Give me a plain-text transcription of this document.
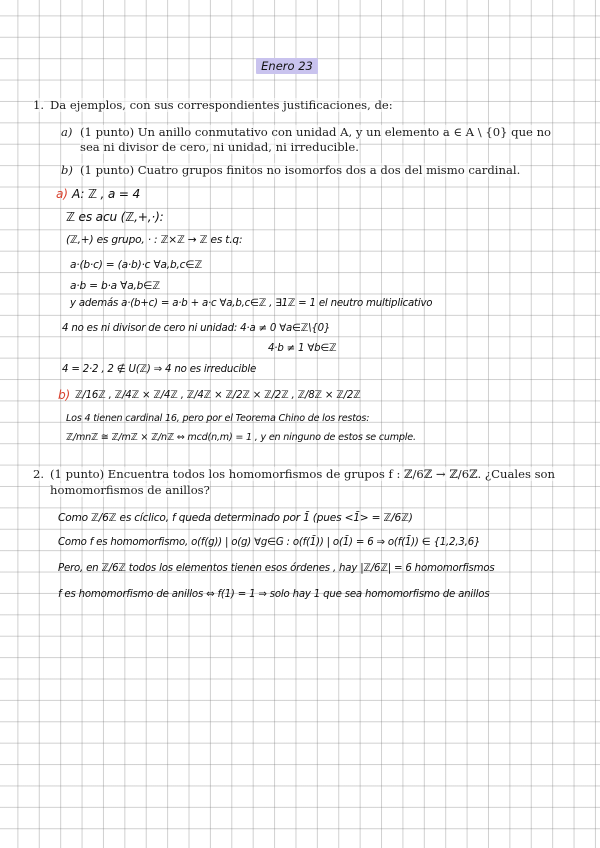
Enero 23
1. Da ejemplos, con sus correspondientes justificaciones, de:
a) (1 punto) Un anillo conmutativo con unidad A, y un elemento a ∈ A \ {0} que no
sea ni divisor de cero, ni unidad, ni irreducible.
b) (1 punto) Cuatro grupos finitos no isomorfos dos a dos del mismo cardinal.
a) A: ℤ , a = 4
ℤ es acu (ℤ,+,·):
(ℤ,+) es grupo, · : ℤ×ℤ → ℤ es t.q:
a·(b·c) = (a·b)·c ∀a,b,c∈ℤ
a·b = b·a ∀a,b∈ℤ
y además a·(b+c) = a·b + a·c ∀a,b,c∈ℤ , ∃1ℤ = 1 el neutro multiplicativo
4 no es ni divisor de cero ni unidad: 4·a ≠ 0 ∀a∈ℤ\{0}
4·b ≠ 1 ∀b∈ℤ
4 = 2·2 , 2 ∉ U(ℤ) ⇒ 4 no es irreducible
b) ℤ/16ℤ , ℤ/4ℤ × ℤ/4ℤ , ℤ/4ℤ × ℤ/2ℤ × ℤ/2ℤ , ℤ/8ℤ × ℤ/2ℤ
Los 4 tienen cardinal 16, pero por el Teorema Chino de los restos:
ℤ/mnℤ ≅ ℤ/mℤ × ℤ/nℤ ⇔ mcd(n,m) = 1 , y en ninguno de estos se cumple.
2. (1 punto) Encuentra todos los homomorfismos de grupos f : ℤ/6ℤ → ℤ/6ℤ. ¿Cuales son
homomorfismos de anillos?
Como ℤ/6ℤ es cíclico, f queda determinado por 1̄ (pues <1̄> = ℤ/6ℤ)
Como f es homomorfismo, o(f(g)) | o(g) ∀g∈G : o(f(1̄)) | o(1̄) = 6 ⇒ o(f(1̄)) ∈ {1,2,3,6}
Pero, en ℤ/6ℤ todos los elementos tienen esos órdenes , hay |ℤ/6ℤ| = 6 homomorfismos
f es homomorfismo de anillos ⇔ f(1) = 1 ⇒ solo hay 1 que sea homomorfismo de anillos
